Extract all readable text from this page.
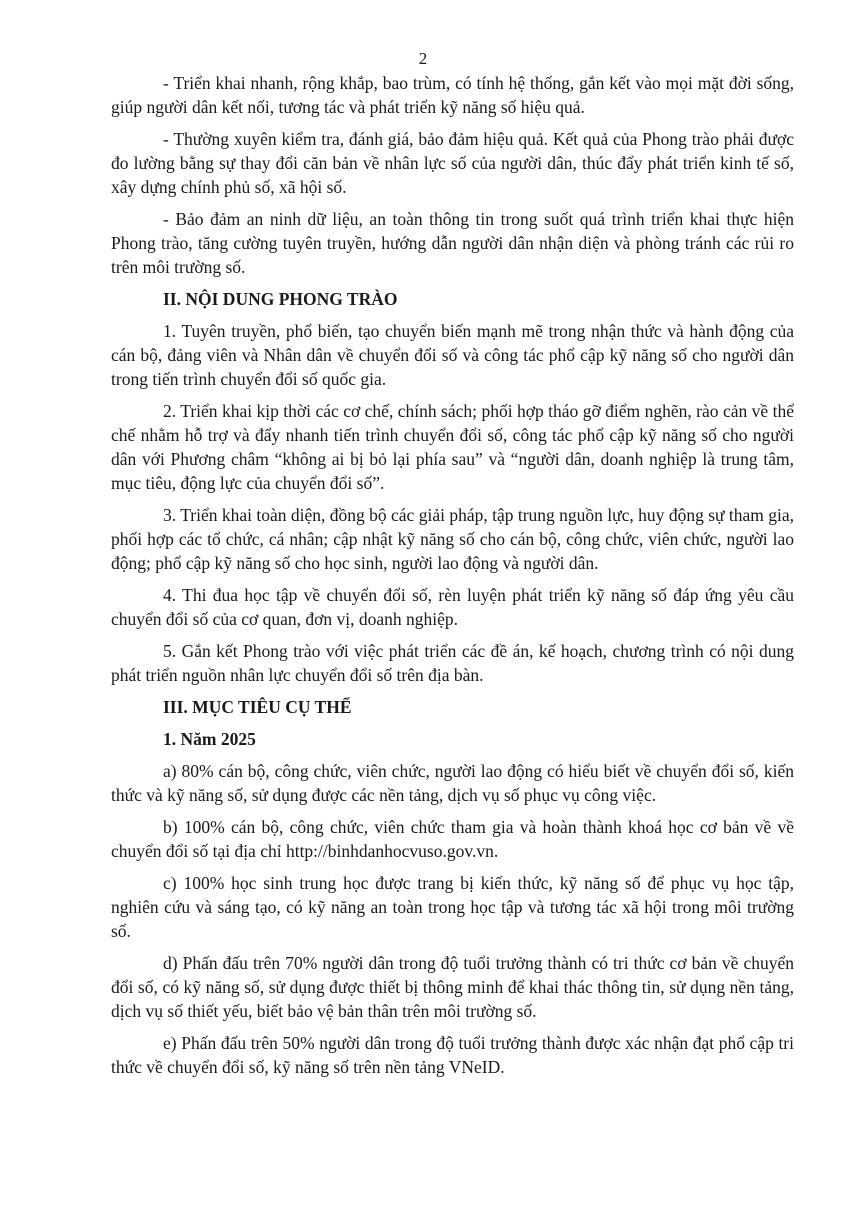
2

- Triển khai nhanh, rộng khắp, bao trùm, có tính hệ thống, gắn kết vào mọi mặt đời sống, giúp người dân kết nối, tương tác và phát triển kỹ năng số hiệu quả.

- Thường xuyên kiểm tra, đánh giá, bảo đảm hiệu quả. Kết quả của Phong trào phải được đo lường bằng sự thay đổi căn bản về nhân lực số của người dân, thúc đẩy phát triển kinh tế số, xây dựng chính phủ số, xã hội số.

- Bảo đảm an ninh dữ liệu, an toàn thông tin trong suốt quá trình triển khai thực hiện Phong trào, tăng cường tuyên truyền, hướng dẫn người dân nhận diện và phòng tránh các rủi ro trên môi trường số.

II. NỘI DUNG PHONG TRÀO

1. Tuyên truyền, phổ biến, tạo chuyển biến mạnh mẽ trong nhận thức và hành động của cán bộ, đảng viên và Nhân dân về chuyển đổi số và công tác phổ cập kỹ năng số cho người dân trong tiến trình chuyển đổi số quốc gia.

2. Triển khai kịp thời các cơ chế, chính sách; phối hợp tháo gỡ điểm nghẽn, rào cản về thể chế nhằm hỗ trợ và đẩy nhanh tiến trình chuyển đổi số, công tác phổ cập kỹ năng số cho người dân với Phương châm “không ai bị bỏ lại phía sau” và “người dân, doanh nghiệp là trung tâm, mục tiêu, động lực của chuyển đổi số”.

3. Triển khai toàn diện, đồng bộ các giải pháp, tập trung nguồn lực, huy động sự tham gia, phối hợp các tổ chức, cá nhân; cập nhật kỹ năng số cho cán bộ, công chức, viên chức, người lao động; phổ cập kỹ năng số cho học sinh, người lao động và người dân.

4. Thi đua học tập về chuyển đổi số, rèn luyện phát triển kỹ năng số đáp ứng yêu cầu chuyển đổi số của cơ quan, đơn vị, doanh nghiệp.

5. Gắn kết Phong trào với việc phát triển các đề án, kế hoạch, chương trình có nội dung phát triển nguồn nhân lực chuyển đổi số trên địa bàn.

III. MỤC TIÊU CỤ THỂ
1. Năm 2025

a) 80% cán bộ, công chức, viên chức, người lao động có hiểu biết về chuyển đổi số, kiến thức và kỹ năng số, sử dụng được các nền tảng, dịch vụ số phục vụ công việc.

b) 100% cán bộ, công chức, viên chức tham gia và hoàn thành khoá học cơ bản về về chuyển đổi số tại địa chỉ http://binhdanhocvuso.gov.vn.

c) 100% học sinh trung học được trang bị kiến thức, kỹ năng số để phục vụ học tập, nghiên cứu và sáng tạo, có kỹ năng an toàn trong học tập và tương tác xã hội trong môi trường số.

d) Phấn đấu trên 70% người dân trong độ tuổi trưởng thành có tri thức cơ bản về chuyển đổi số, có kỹ năng số, sử dụng được thiết bị thông minh để khai thác thông tin, sử dụng nền tảng, dịch vụ số thiết yếu, biết bảo vệ bản thân trên môi trường số.

e) Phấn đấu trên 50% người dân trong độ tuổi trưởng thành được xác nhận đạt phổ cập tri thức về chuyển đổi số, kỹ năng số trên nền tảng VNeID.
